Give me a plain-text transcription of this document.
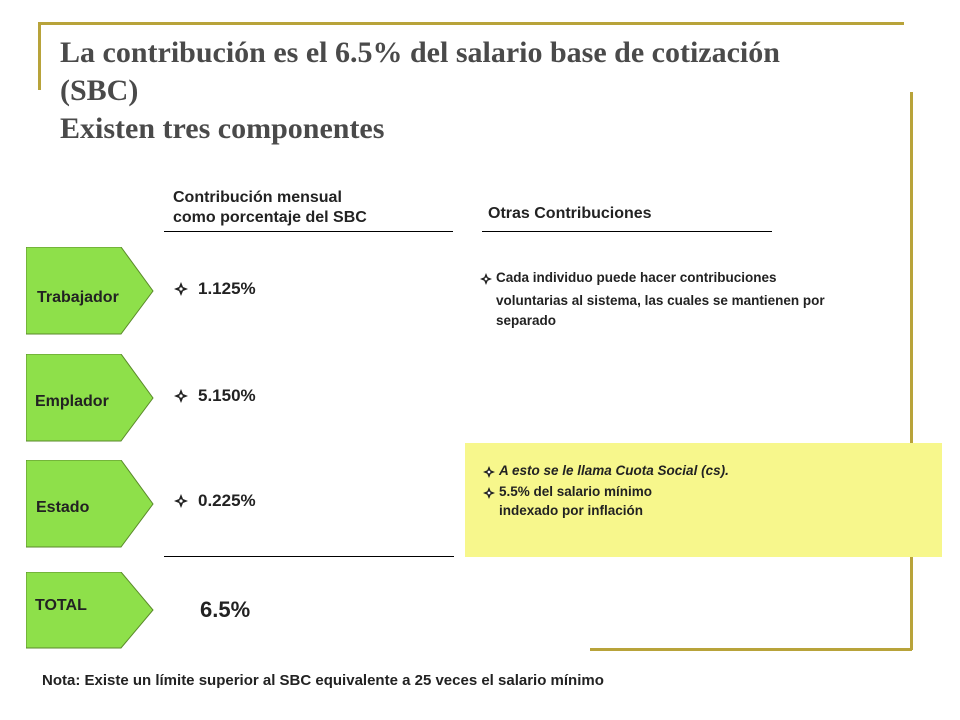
La contribución es el 6.5% del salario base de cotización
(SBC)
Existen tres componentes
Contribución mensual
como porcentaje del SBC	Otras Contribuciones
Trabajador
Emplador
Estado
TOTAL
1.125%
5.150%
0.225%
6.5%
Cada individuo puede hacer contribuciones
voluntarias al sistema, las cuales se mantienen por
separado
A esto se le llama Cuota Social (cs).
5.5% del salario mínimo
indexado por inflación
Nota: Existe un límite superior al SBC equivalente a 25 veces el salario mínimo
